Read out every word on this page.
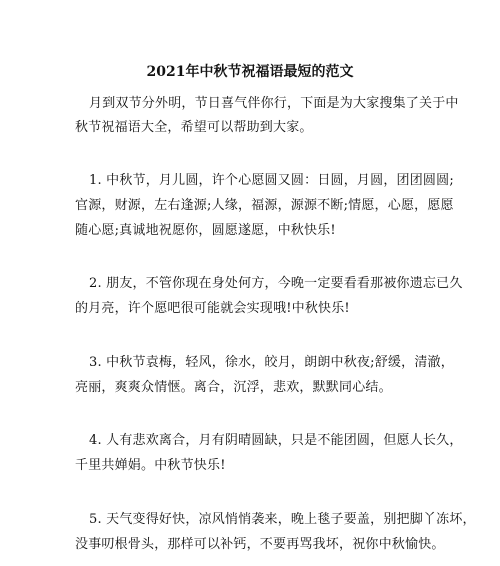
2021年中秋节祝福语最短的范文
月到双节分外明，节日喜气伴你行，下面是为大家搜集了关于中
秋节祝福语大全，希望可以帮助到大家。
1. 中秋节，月儿圆，许个心愿圆又圆：日圆，月圆，团团圆圆;
官源，财源，左右逢源;人缘，福源，源源不断;情愿，心愿，愿愿
随心愿;真诚地祝愿你，圆愿遂愿，中秋快乐!
2. 朋友，不管你现在身处何方，今晚一定要看看那被你遗忘已久
的月亮，许个愿吧很可能就会实现哦!中秋快乐!
3. 中秋节袁梅，轻风，徐水，皎月，朗朗中秋夜;舒缓，清澈，
亮丽，爽爽众情惬。离合，沉浮，悲欢，默默同心结。
4. 人有悲欢离合，月有阴晴圆缺，只是不能团圆，但愿人长久，
千里共婵娟。中秋节快乐!
5. 天气变得好快，凉风悄悄袭来，晚上毯子要盖，别把脚丫冻坏，
没事叨根骨头，那样可以补钙，不要再骂我坏，祝你中秋愉快。
